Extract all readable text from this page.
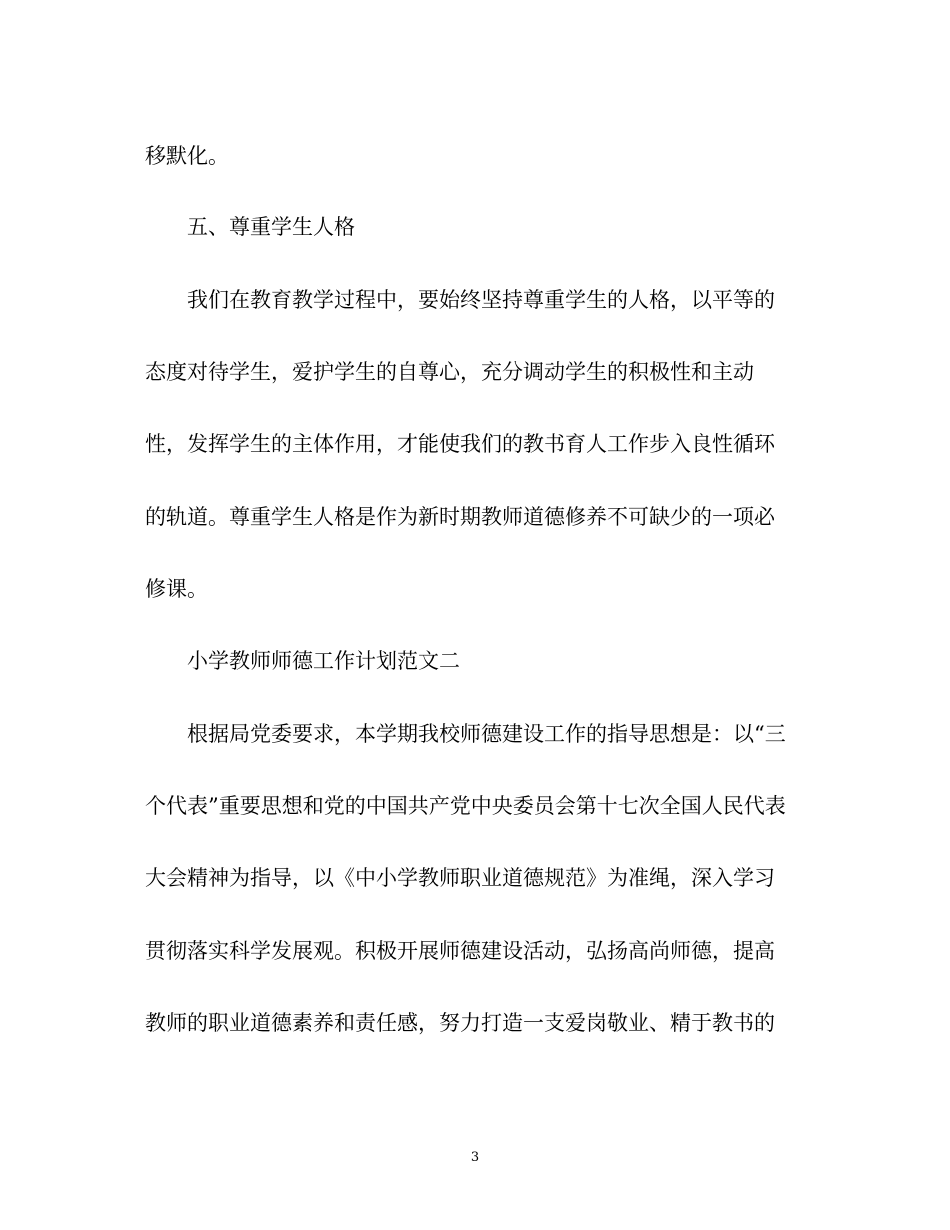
移默化。
五、尊重学生人格
我们在教育教学过程中，要始终坚持尊重学生的人格，以平等的
态度对待学生，爱护学生的自尊心，充分调动学生的积极性和主动
性，发挥学生的主体作用，才能使我们的教书育人工作步入良性循环
的轨道。尊重学生人格是作为新时期教师道德修养不可缺少的一项必
修课。
小学教师师德工作计划范文二
根据局党委要求，本学期我校师德建设工作的指导思想是：以“三
个代表”重要思想和党的中国共产党中央委员会第十七次全国人民代表
大会精神为指导，以《中小学教师职业道德规范》为准绳，深入学习
贯彻落实科学发展观。积极开展师德建设活动，弘扬高尚师德，提高
教师的职业道德素养和责任感，努力打造一支爱岗敬业、精于教书的
3
